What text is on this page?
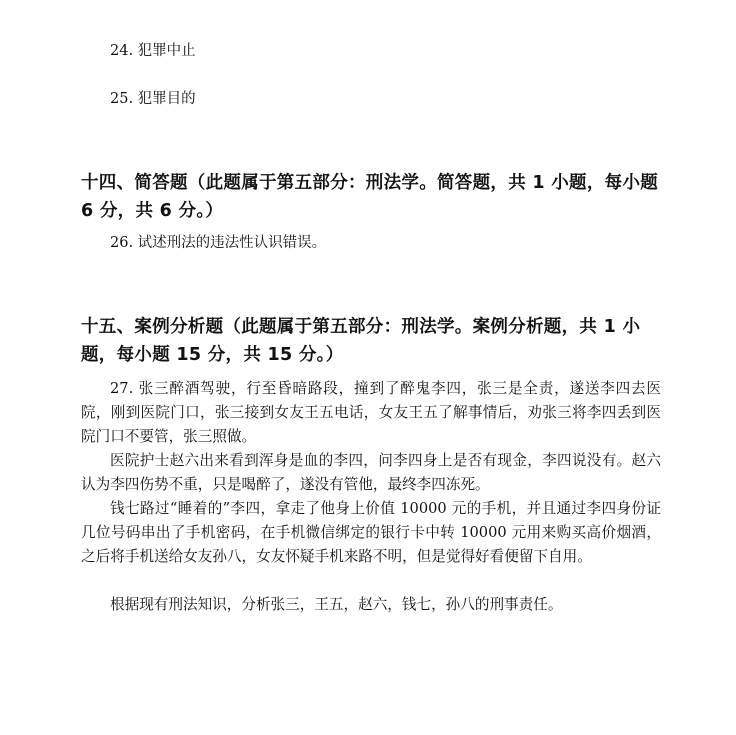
24. 犯罪中止
25. 犯罪目的
十四、简答题（此题属于第五部分：刑法学。简答题，共 1 小题，每小题 6 分，共 6 分。）
26. 试述刑法的违法性认识错误。
十五、案例分析题（此题属于第五部分：刑法学。案例分析题，共 1 小题，每小题 15 分，共 15 分。）
27. 张三醉酒驾驶，行至昏暗路段，撞到了醉鬼李四，张三是全责，遂送李四去医院，刚到医院门口，张三接到女友王五电话，女友王五了解事情后，劝张三将李四丢到医院门口不要管，张三照做。
医院护士赵六出来看到浑身是血的李四，问李四身上是否有现金，李四说没有。赵六认为李四伤势不重，只是喝醉了，遂没有管他，最终李四冻死。
钱七路过“睡着的”李四，拿走了他身上价值 10000 元的手机，并且通过李四身份证几位号码串出了手机密码，在手机微信绑定的银行卡中转 10000 元用来购买高价烟酒，之后将手机送给女友孙八，女友怀疑手机来路不明，但是觉得好看便留下自用。
根据现有刑法知识，分析张三，王五，赵六，钱七，孙八的刑事责任。
